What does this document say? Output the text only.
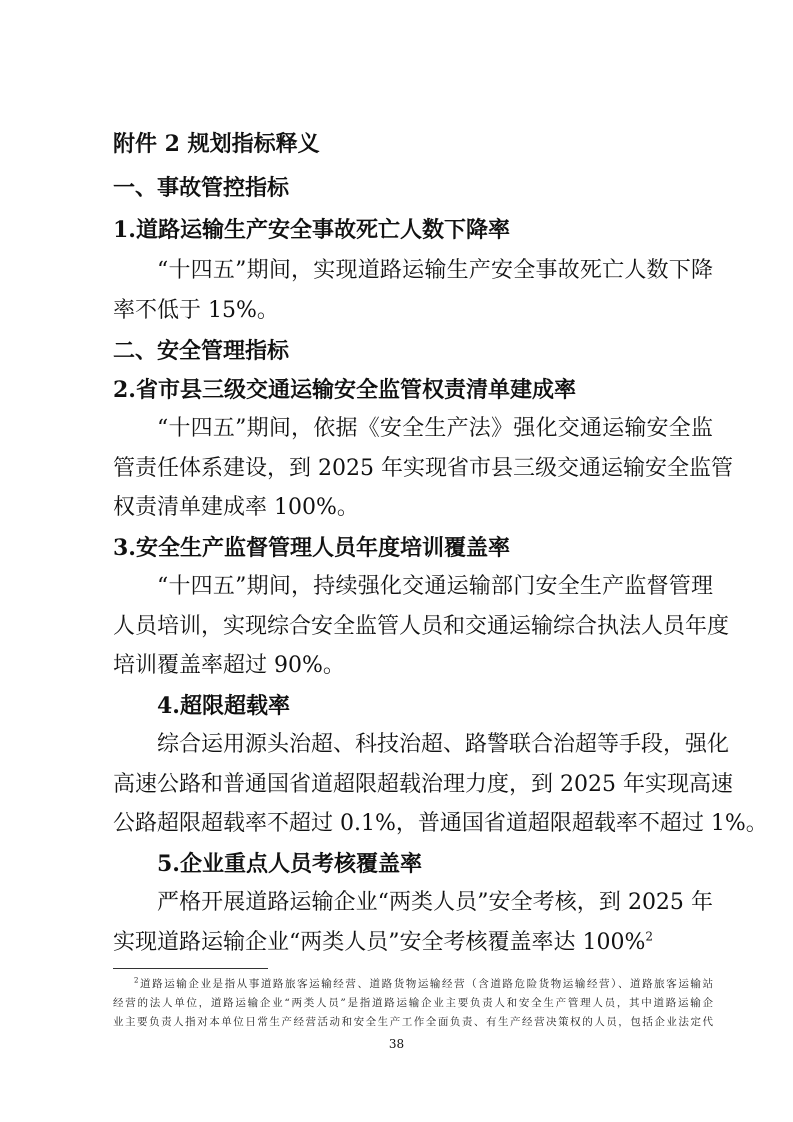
附件 2 规划指标释义
一、事故管控指标
1.道路运输生产安全事故死亡人数下降率
“十四五”期间，实现道路运输生产安全事故死亡人数下降
率不低于 15%。
二、安全管理指标
2.省市县三级交通运输安全监管权责清单建成率
“十四五”期间，依据《安全生产法》强化交通运输安全监
管责任体系建设，到 2025 年实现省市县三级交通运输安全监管
权责清单建成率 100%。
3.安全生产监督管理人员年度培训覆盖率
“十四五”期间，持续强化交通运输部门安全生产监督管理
人员培训，实现综合安全监管人员和交通运输综合执法人员年度
培训覆盖率超过 90%。
4.超限超载率
综合运用源头治超、科技治超、路警联合治超等手段，强化
高速公路和普通国省道超限超载治理力度，到 2025 年实现高速
公路超限超载率不超过 0.1%，普通国省道超限超载率不超过 1%。
5.企业重点人员考核覆盖率
严格开展道路运输企业“两类人员”安全考核，到 2025 年
实现道路运输企业“两类人员”安全考核覆盖率达 100%$^2$
$^2$道路运输企业是指从事道路旅客运输经营、道路货物运输经营（含道路危险货物运输经营）、道路旅客运输站
经营的法人单位，道路运输企业“两类人员”是指道路运输企业主要负责人和安全生产管理人员，其中道路运输企
业主要负责人指对本单位日常生产经营活动和安全生产工作全面负责、有生产经营决策权的人员，包括企业法定代
38
